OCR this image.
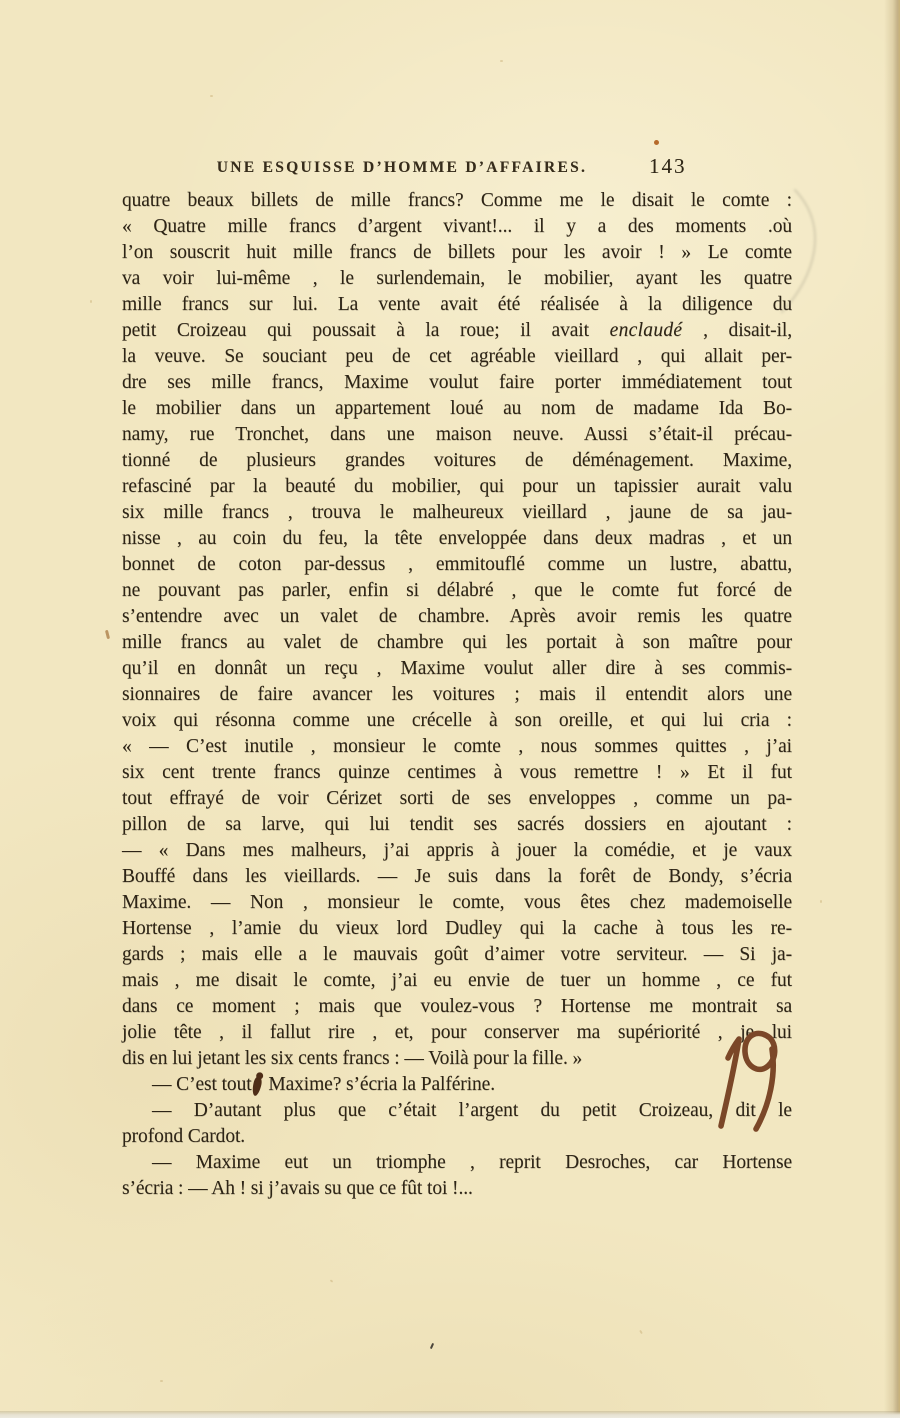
UNE ESQUISSE D’HOMME D’AFFAIRES.	143
quatre beaux billets de mille francs? Comme me le disait le comte :
« Quatre mille francs d’argent vivant!... il y a des moments .où
l’on souscrit huit mille francs de billets pour les avoir ! » Le comte
va voir lui-même , le surlendemain, le mobilier, ayant les quatre
mille francs sur lui. La vente avait été réalisée à la diligence du
petit Croizeau qui poussait à la roue; il avait enclaudé , disait-il,
la veuve. Se souciant peu de cet agréable vieillard , qui allait per-
dre ses mille francs, Maxime voulut faire porter immédiatement tout
le mobilier dans un appartement loué au nom de madame Ida Bo-
namy, rue Tronchet, dans une maison neuve. Aussi s’était-il précau-
tionné de plusieurs grandes voitures de déménagement. Maxime,
refasciné par la beauté du mobilier, qui pour un tapissier aurait valu
six mille francs , trouva le malheureux vieillard , jaune de sa jau-
nisse , au coin du feu, la tête enveloppée dans deux madras , et un
bonnet de coton par-dessus , emmitouflé comme un lustre, abattu,
ne pouvant pas parler, enfin si délabré , que le comte fut forcé de
s’entendre avec un valet de chambre. Après avoir remis les quatre
mille francs au valet de chambre qui les portait à son maître pour
qu’il en donnât un reçu , Maxime voulut aller dire à ses commis-
sionnaires de faire avancer les voitures ; mais il entendit alors une
voix qui résonna comme une crécelle à son oreille, et qui lui cria :
« — C’est inutile , monsieur le comte , nous sommes quittes , j’ai
six cent trente francs quinze centimes à vous remettre ! » Et il fut
tout effrayé de voir Cérizet sorti de ses enveloppes , comme un pa-
pillon de sa larve, qui lui tendit ses sacrés dossiers en ajoutant :
— « Dans mes malheurs, j’ai appris à jouer la comédie, et je vaux
Bouffé dans les vieillards. — Je suis dans la forêt de Bondy, s’écria
Maxime. — Non , monsieur le comte, vous êtes chez mademoiselle
Hortense , l’amie du vieux lord Dudley qui la cache à tous les re-
gards ; mais elle a le mauvais goût d’aimer votre serviteur. — Si ja-
mais , me disait le comte, j’ai eu envie de tuer un homme , ce fut
dans ce moment ; mais que voulez-vous ? Hortense me montrait sa
jolie tête , il fallut rire , et, pour conserver ma supériorité , je lui
dis en lui jetant les six cents francs : — Voilà pour la fille. »
— C’est tout Maxime? s’écria la Palférine.
— D’autant plus que c’était l’argent du petit Croizeau, dit le
profond Cardot.
— Maxime eut un triomphe , reprit Desroches, car Hortense
s’écria : — Ah ! si j’avais su que ce fût toi !...
